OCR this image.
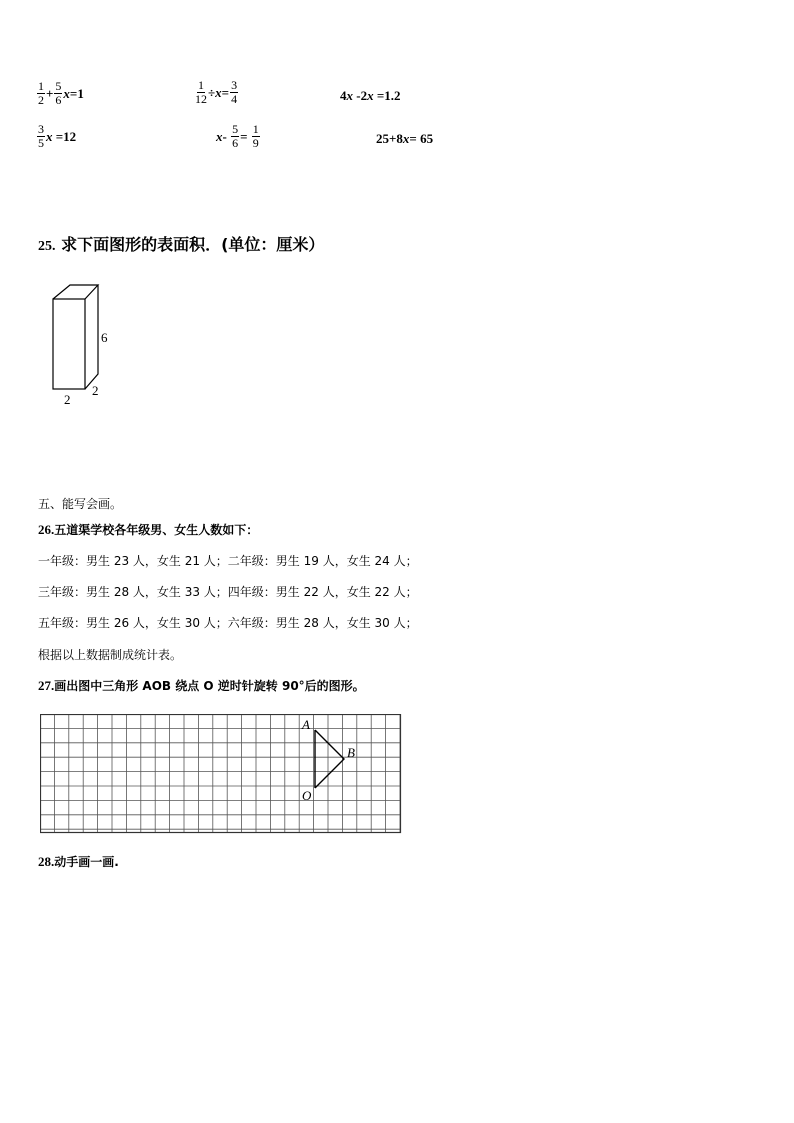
$\frac{1}{2} + \frac{5}{6}$ x =1	$\frac{1}{12} \div x = \frac{3}{4}$	4 x -2 x =1.2
$\frac{3}{5}$ x =12	$x - \frac{5}{6} = \frac{1}{9}$	25+8 x = 65
25. 求下面图形的表面积．(单位：厘米）
6
2
2
五、能写会画。
26.五道渠学校各年级男、女生人数如下：
一年级：男生 23 人，女生 21 人；二年级：男生 19 人，女生 24 人；
三年级：男生 28 人，女生 33 人；四年级：男生 22 人，女生 22 人；
五年级：男生 26 人，女生 30 人；六年级：男生 28 人，女生 30 人；
根据以上数据制成统计表。
27.画出图中三角形 AOB 绕点 O 逆时针旋转 90°后的图形。
A
B
O
28.动手画一画.
